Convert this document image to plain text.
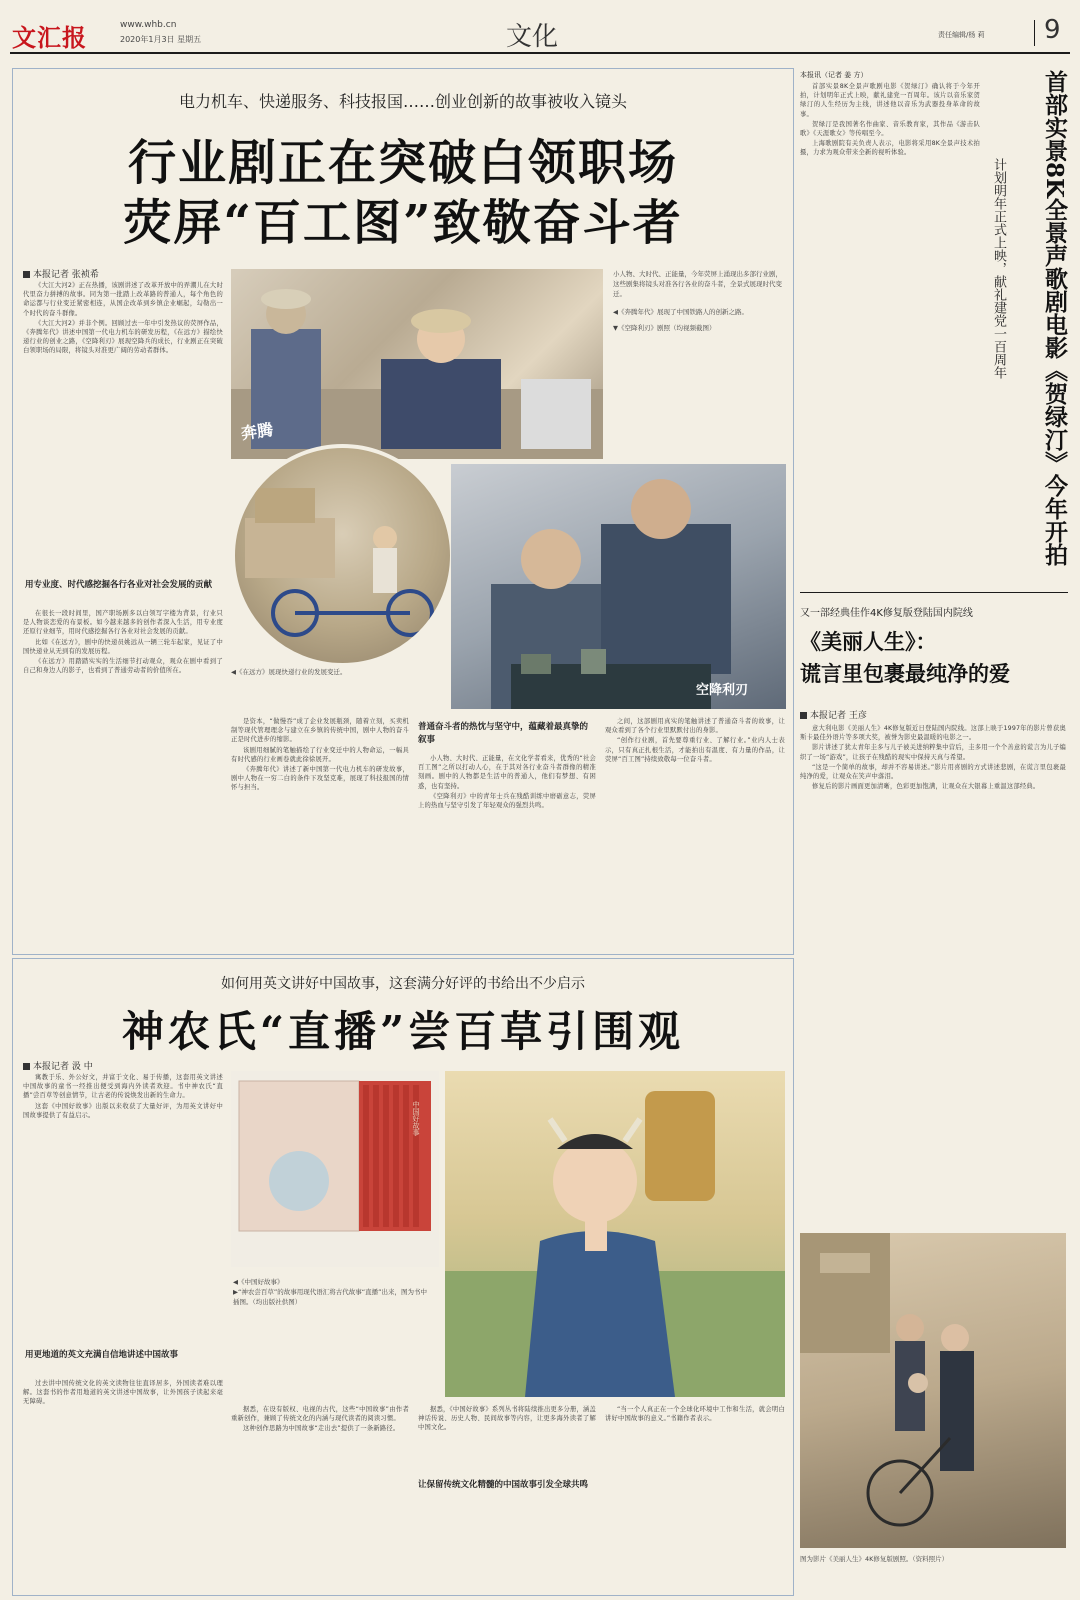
文汇报	www.whb.cn
2020年1月3日 星期五	文化	责任编辑/杨 莉 9
电力机车、快递服务、科技报国……创业创新的故事被收入镜头
行业剧正在突破白领职场
荧屏“百工图”致敬奋斗者
本报记者 张祯希

《大江大河2》正在热播，该剧讲述了改革开放中的弄潮儿在大时代里奋力拼搏的故事。同为第一批踏上改革路的普通人，每个角色的命运都与行业变迁紧密相连，从国企改革到乡镇企业崛起，勾勒出一个时代的奋斗群像。

《大江大河2》并非个例。回顾过去一年中引发热议的荧屏作品，《奔腾年代》讲述中国第一代电力机车的研发历程，《在远方》描绘快递行业的创业之路，《空降利刃》展现空降兵的成长，行业剧正在突破白领职场的局限，将镜头对准更广阔的劳动者群体。

用专业度、时代感挖掘各行各业对社会发展的贡献

在很长一段时间里，国产职场剧多以白领写字楼为背景，行业只是人物谈恋爱的布景板。如今越来越多的创作者深入生活，用专业度还原行业细节，用时代感挖掘各行各业对社会发展的贡献。

比如《在远方》，剧中的快递员姚远从一辆三轮车起家，见证了中国快递业从无到有的发展历程。

《在远方》用踏踏实实的生活细节打动观众，观众在剧中看到了自己和身边人的影子，也看到了普通劳动者的价值所在。

奔腾
小人物、大时代、正能量，今年荧屏上涌现出多部行业剧，这些剧集将镜头对准各行各业的奋斗者，全景式展现时代变迁。
◀《奔腾年代》展现了中国铁路人的创新之路。
▼《空降利刃》剧照（均视频截图）
◀《在远方》展现快递行业的发展变迁。
空降利刃

是资本，“做慢吞”成了企业发展瓶颈，随着立刻，买卖机制等现代管理理念与建立在乡镇的传统中国，剧中人物的奋斗正是时代进步的缩影。

该剧用细腻的笔触描绘了行业变迁中的人物命运，一幅具有时代感的行业画卷就此徐徐展开。

《奔腾年代》讲述了新中国第一代电力机车的研发故事，剧中人物在一穷二白的条件下攻坚克难，展现了科技报国的情怀与担当。

普通奋斗者的热忱与坚守中，蕴藏着最真挚的叙事

小人物、大时代、正能量，在文化学者看来，优秀的“社会百工图”之所以打动人心，在于其对各行业奋斗者群像的精准刻画。剧中的人物都是生活中的普通人，他们有梦想、有困惑，也有坚持。

《空降利刃》中的青年士兵在残酷训练中磨砺意志，荧屏上的热血与坚守引发了年轻观众的强烈共鸣。

之间，这部剧用真实的笔触讲述了普通奋斗者的故事，让观众看到了各个行业里默默付出的身影。

“创作行业剧，首先要尊重行业、了解行业。”业内人士表示，只有真正扎根生活，才能拍出有温度、有力量的作品，让荧屏“百工图”持续致敬每一位奋斗者。

本报讯（记者 姜 方）

首部实景8K全景声歌剧电影《贺绿汀》确认将于今年开拍，计划明年正式上映，献礼建党一百周年。该片以音乐家贺绿汀的人生经历为主线，讲述他以音乐为武器投身革命的故事。

贺绿汀是我国著名作曲家、音乐教育家，其作品《游击队歌》《天涯歌女》等传唱至今。

上海歌剧院有关负责人表示，电影将采用8K全景声技术拍摄，力求为观众带来全新的视听体验。

计划明年正式上映，献礼建党一百周年	首部实景8K全景声歌剧电影《贺绿汀》今年开拍
又一部经典佳作4K修复版登陆国内院线
《美丽人生》：
谎言里包裹最纯净的爱
本报记者 王彦

意大利电影《美丽人生》4K修复版近日登陆国内院线。这部上映于1997年的影片曾获奥斯卡最佳外语片等多项大奖，被誉为影史最温暖的电影之一。

影片讲述了犹太青年圭多与儿子被关进纳粹集中营后，圭多用一个个善意的谎言为儿子编织了一场“游戏”，让孩子在残酷的现实中保持天真与希望。

“这是一个简单的故事，却并不容易讲述。”影片用喜剧的方式讲述悲剧，在谎言里包裹最纯净的爱，让观众在笑声中落泪。

修复后的影片画面更加清晰，色彩更加饱满，让观众在大银幕上重温这部经典。

图为影片《美丽人生》4K修复版剧照。（资料照片）
如何用英文讲好中国故事，这套满分好评的书给出不少启示
神农氏“直播”尝百草引围观
本报记者 汲 中

寓教于乐、外公好文，并富于文化、易于传播，这套用英文讲述中国故事的童书一经推出便受到海内外读者欢迎。书中神农氏“直播”尝百草等创意情节，让古老的传说焕发出新的生命力。

这套《中国好故事》出版以来收获了大量好评，为用英文讲好中国故事提供了有益启示。

用更地道的英文充满自信地讲述中国故事

过去讲中国传统文化的英文读物往往直译居多，外国读者难以理解。这套书的作者用地道的英文讲述中国故事，让外国孩子读起来毫无障碍。

中国好故事
◀《中国好故事》
▶“神农尝百草”的故事用现代语汇将古代故事“直播”出来，图为书中插图。（均出版社供图）

据悉，在设有版权、电视的古代，这些“中国故事”由作者重新创作，兼顾了传统文化的内涵与现代读者的阅读习惯。

这种创作思路为中国故事“走出去”提供了一条新路径。

据悉，《中国好故事》系列丛书将陆续推出更多分册，涵盖神话传说、历史人物、民间故事等内容，让更多海外读者了解中国文化。

让保留传统文化精髓的中国故事引发全球共鸣

“当一个人真正在一个全球化环境中工作和生活，就会明白讲好中国故事的意义。”书籍作者表示。
